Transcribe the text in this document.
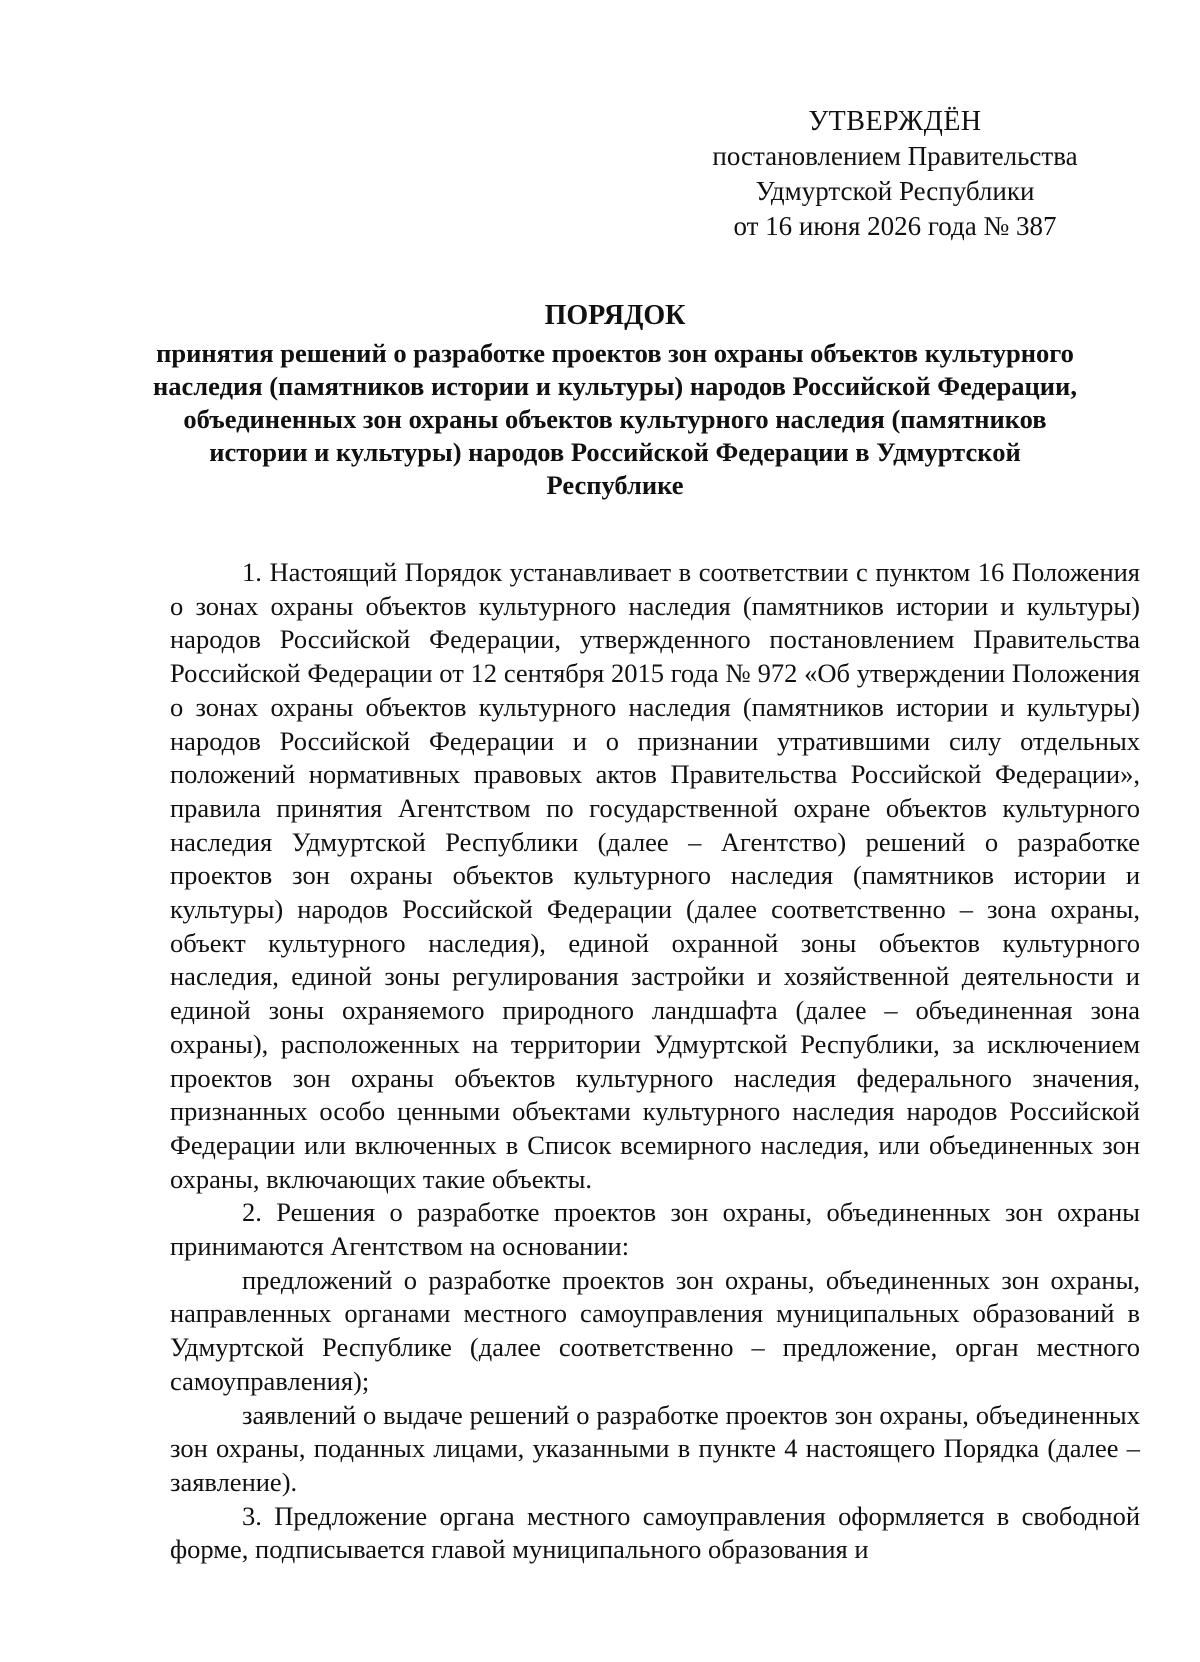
УТВЕРЖДЁН
постановлением Правительства
Удмуртской Республики
от 16 июня 2026 года № 387
ПОРЯДОК
принятия решений о разработке проектов зон охраны объектов культурного наследия (памятников истории и культуры) народов Российской Федерации, объединенных зон охраны объектов культурного наследия (памятников истории и культуры) народов Российской Федерации в Удмуртской Республике

1. Настоящий Порядок устанавливает в соответствии с пунктом 16 Положения о зонах охраны объектов культурного наследия (памятников истории и культуры) народов Российской Федерации, утвержденного постановлением Правительства Российской Федерации от 12 сентября 2015 года № 972 «Об утверждении Положения о зонах охраны объектов культурного наследия (памятников истории и культуры) народов Российской Федерации и о признании утратившими силу отдельных положений нормативных правовых актов Правительства Российской Федерации», правила принятия Агентством по государственной охране объектов культурного наследия Удмуртской Республики (далее – Агентство) решений о разработке проектов зон охраны объектов культурного наследия (памятников истории и культуры) народов Российской Федерации (далее соответственно – зона охраны, объект культурного наследия), единой охранной зоны объектов культурного наследия, единой зоны регулирования застройки и хозяйственной деятельности и единой зоны охраняемого природного ландшафта (далее – объединенная зона охраны), расположенных на территории Удмуртской Республики, за исключением проектов зон охраны объектов культурного наследия федерального значения, признанных особо ценными объектами культурного наследия народов Российской Федерации или включенных в Список всемирного наследия, или объединенных зон охраны, включающих такие объекты.

2. Решения о разработке проектов зон охраны, объединенных зон охраны принимаются Агентством на основании:

предложений о разработке проектов зон охраны, объединенных зон охраны, направленных органами местного самоуправления муниципальных образований в Удмуртской Республике (далее соответственно – предложение, орган местного самоуправления);

заявлений о выдаче решений о разработке проектов зон охраны, объединенных зон охраны, поданных лицами, указанными в пункте 4 настоящего Порядка (далее – заявление).

3. Предложение органа местного самоуправления оформляется в свободной форме, подписывается главой муниципального образования и
